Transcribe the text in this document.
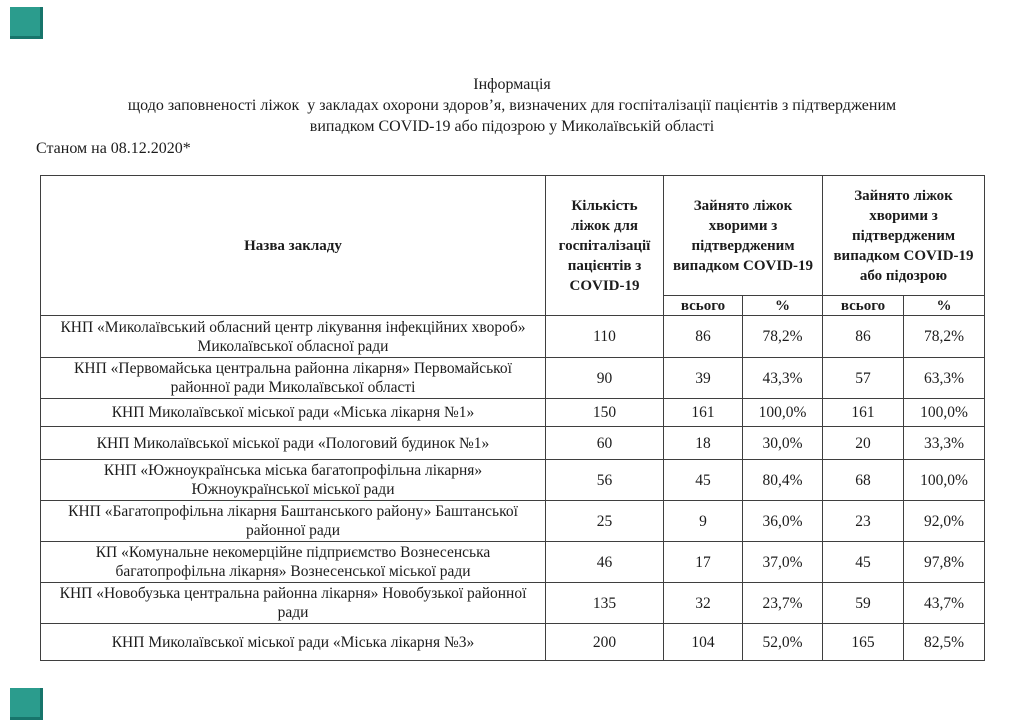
Інформація
щодо заповненості ліжок  у закладах охорони здоров’я, визначених для госпіталізації пацієнтів з підтвердженим
випадком COVID-19 або підозрою у Миколаївській області
Станом на 08.12.2020*
Назва закладу	Кількість ліжок для госпіталізації пацієнтів з COVID-19	Зайнято ліжок хворими з підтвердженим випадком COVID-19		Зайнято ліжок хворими з підтвердженим випадком COVID-19 або підозрою	
		всього	%	всього	%
КНП «Миколаївський обласний центр лікування інфекційних хвороб» Миколаївської обласної ради	110	86	78,2%	86	78,2%
КНП «Первомайська центральна районна лікарня» Первомайської районної ради Миколаївської області	90	39	43,3%	57	63,3%
КНП Миколаївської міської ради «Міська лікарня №1»	150	161	100,0%	161	100,0%
КНП Миколаївської міської ради «Пологовий будинок №1»	60	18	30,0%	20	33,3%
КНП «Южноукраїнська міська багатопрофільна лікарня» Южноукраїнської міської ради	56	45	80,4%	68	100,0%
КНП «Багатопрофільна лікарня Баштанського району» Баштанської районної ради	25	9	36,0%	23	92,0%
КП «Комунальне некомерційне підприємство Вознесенська багатопрофільна лікарня» Вознесенської міської ради	46	17	37,0%	45	97,8%
КНП «Новобузька центральна районна лікарня» Новобузької районної ради	135	32	23,7%	59	43,7%
КНП Миколаївської міської ради «Міська лікарня №3»	200	104	52,0%	165	82,5%
